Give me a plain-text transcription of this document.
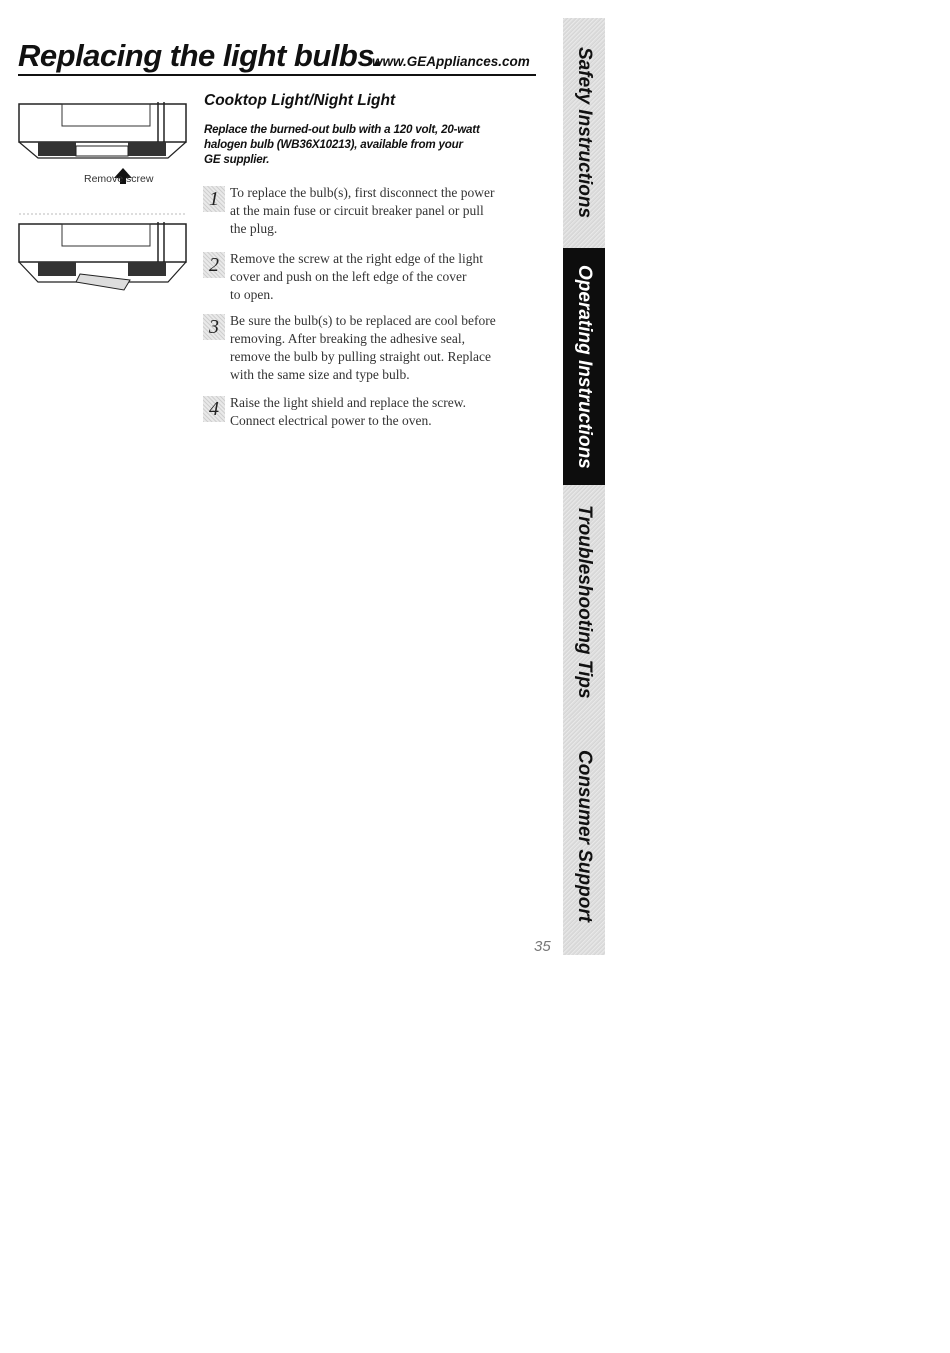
Replacing the light bulbs.
www.GEAppliances.com
Remove screw
Cooktop Light/Night Light
Replace the burned-out bulb with a 120 volt, 20-watt
halogen bulb (WB36X10213), available from your
GE supplier.
1 To replace the bulb(s), first disconnect the power
at the main fuse or circuit breaker panel or pull
the plug.
2 Remove the screw at the right edge of the light
cover and push on the left edge of the cover
to open.
3 Be sure the bulb(s) to be replaced are cool before
removing. After breaking the adhesive seal,
remove the bulb by pulling straight out. Replace
with the same size and type bulb.
4 Raise the light shield and replace the screw.
Connect electrical power to the oven.
Safety Instructions
Operating Instructions
Troubleshooting Tips
Consumer Support
35
